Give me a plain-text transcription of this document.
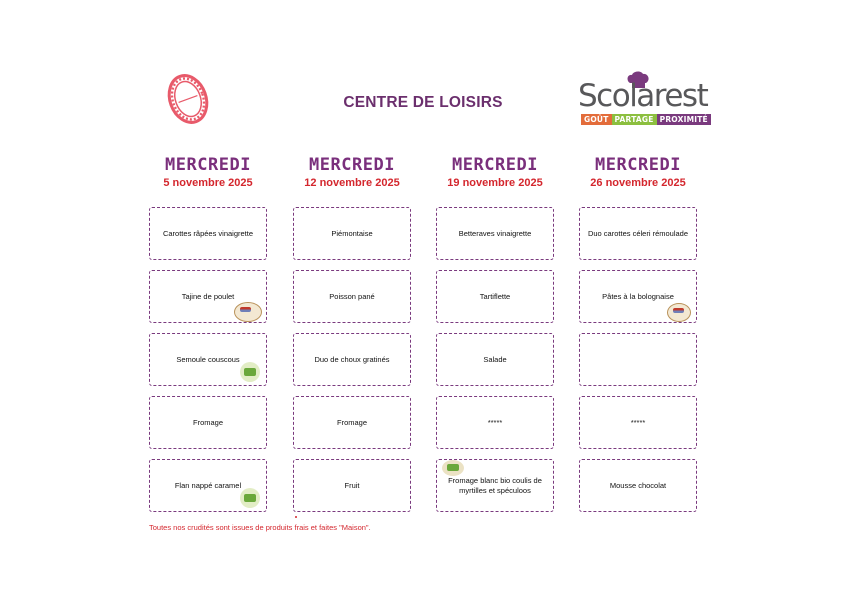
CENTRE DE LOISIRS	Scolarest
GOÛT PARTAGE PROXIMITÉ
MERCREDI
5 novembre 2025
MERCREDI
12 novembre 2025
MERCREDI
19 novembre 2025
MERCREDI
26 novembre 2025
Carottes râpées vinaigrette
Tajine de poulet
Semoule couscous
Fromage
Flan nappé caramel
Piémontaise
Poisson pané
Duo de choux gratinés
Fromage
Fruit
Betteraves vinaigrette
Tartiflette
Salade
*****
Fromage blanc bio coulis de myrtilles et spéculoos
Duo carottes céleri rémoulade
Pâtes à la bolognaise
*****
Mousse chocolat
Toutes nos crudités sont issues de produits frais et faites "Maison".
